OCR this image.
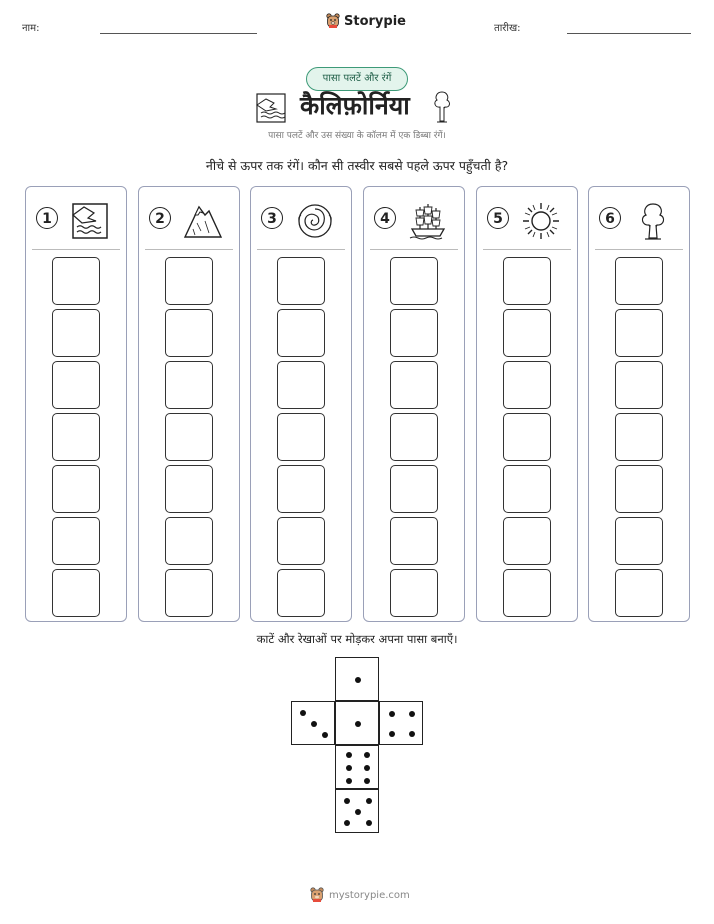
नाम:	Storypie	तारीख:
पासा पलटें और रंगें
कैलिफ़ोर्निया
पासा पलटें और उस संख्या के कॉलम में एक डिब्बा रंगें।
नीचे से ऊपर तक रंगें। कौन सी तस्वीर सबसे पहले ऊपर पहुँचती है?
1	2	3	4	5	6
काटें और रेखाओं पर मोड़कर अपना पासा बनाएँ।
mystorypie.com
